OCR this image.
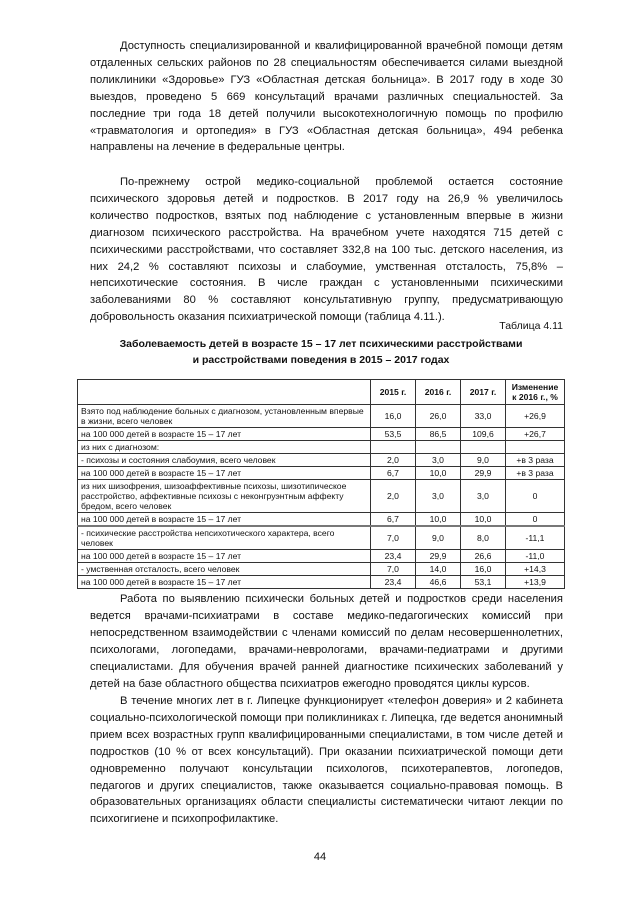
Доступность специализированной и квалифицированной врачебной помощи детям отдаленных сельских районов по 28 специальностям обеспечивается силами выездной поликлиники «Здоровье» ГУЗ «Областная детская больница». В 2017 году в ходе 30 выездов, проведено 5 669 консультаций врачами различных специальностей. За последние три года 18 детей получили высокотехнологичную помощь по профилю «травматология и ортопедия» в ГУЗ «Областная детская больница», 494 ребенка направлены на лечение в федеральные центры.

По-прежнему острой медико-социальной проблемой остается состояние психического здоровья детей и подростков. В 2017 году на 26,9 % увеличилось количество подростков, взятых под наблюдение с установленным впервые в жизни диагнозом психического расстройства. На врачебном учете находятся 715 детей с психическими расстройствами, что составляет 332,8 на 100 тыс. детского населения, из них 24,2 % составляют психозы и слабоумие, умственная отсталость, 75,8% – непсихотические состояния. В числе граждан с установленными психическими заболеваниями 80 % составляют консультативную группу, предусматривающую добровольность оказания психиатрической помощи (таблица 4.11.).

Таблица 4.11
Заболеваемость детей в возрасте 15 – 17 лет психическими расстройствами
и расстройствами поведения в 2015 – 2017 годах
	2015 г.	2016 г.	2017 г.	Изменение к 2016 г., %
Взято под наблюдение больных с диагнозом, установленным впервые в жизни, всего человек	16,0	26,0	33,0	+26,9
на 100 000 детей в возрасте 15 – 17 лет	53,5	86,5	109,6	+26,7
из них с диагнозом:				
- психозы и состояния слабоумия, всего человек	2,0	3,0	9,0	+в 3 раза
на 100 000 детей в возрасте 15 – 17 лет	6,7	10,0	29,9	+в 3 раза
из них шизофрения, шизоаффективные психозы, шизотипическое расстройство, аффективные психозы с неконгруэнтным аффекту бредом, всего человек	2,0	3,0	3,0	0
на 100 000 детей в возрасте 15 – 17 лет	6,7	10,0	10,0	0
- психические расстройства непсихотического характера, всего человек	7,0	9,0	8,0	-11,1
на 100 000 детей в возрасте 15 – 17 лет	23,4	29,9	26,6	-11,0
- умственная отсталость, всего человек	7,0	14,0	16,0	+14,3
на 100 000 детей в возрасте 15 – 17 лет	23,4	46,6	53,1	+13,9

Работа по выявлению психически больных детей и подростков среди населения ведется врачами-психиатрами в составе медико-педагогических комиссий при непосредственном взаимодействии с членами комиссий по делам несовершеннолетних, психологами, логопедами, врачами-неврологами, врачами-педиатрами и другими специалистами. Для обучения врачей ранней диагностике психических заболеваний у детей на базе областного общества психиатров ежегодно проводятся циклы курсов.

В течение многих лет в г. Липецке функционирует «телефон доверия» и 2 кабинета социально-психологической помощи при поликлиниках г. Липецка, где ведется анонимный прием всех возрастных групп квалифицированными специалистами, в том числе детей и подростков (10 % от всех консультаций). При оказании психиатрической помощи дети одновременно получают консультации психологов, психотерапевтов, логопедов, педагогов и других специалистов, также оказывается социально-правовая помощь. В образовательных организациях области специалисты систематически читают лекции по психогигиене и психопрофилактике.

44
